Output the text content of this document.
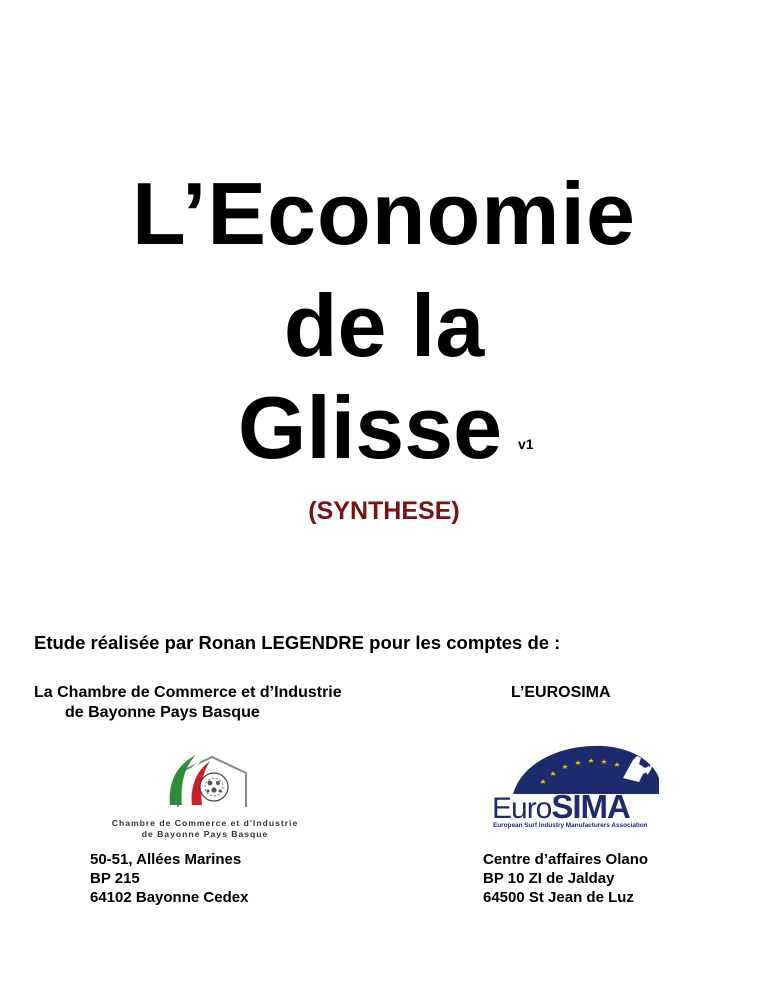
L’Economie
de la
Glisse	v1
(SYNTHESE)
Etude réalisée par Ronan LEGENDRE pour les comptes de :
La Chambre de Commerce et d’Industrie
de Bayonne Pays Basque
L’EUROSIMA
Chambre de Commerce et d'Industrie
de Bayonne Pays Basque
EuroSIMA
European Surf Industry Manufacturers Association
50-51, Allées Marines
BP 215
64102 Bayonne Cedex
Centre d’affaires Olano
BP 10 ZI de Jalday
64500 St Jean de Luz
